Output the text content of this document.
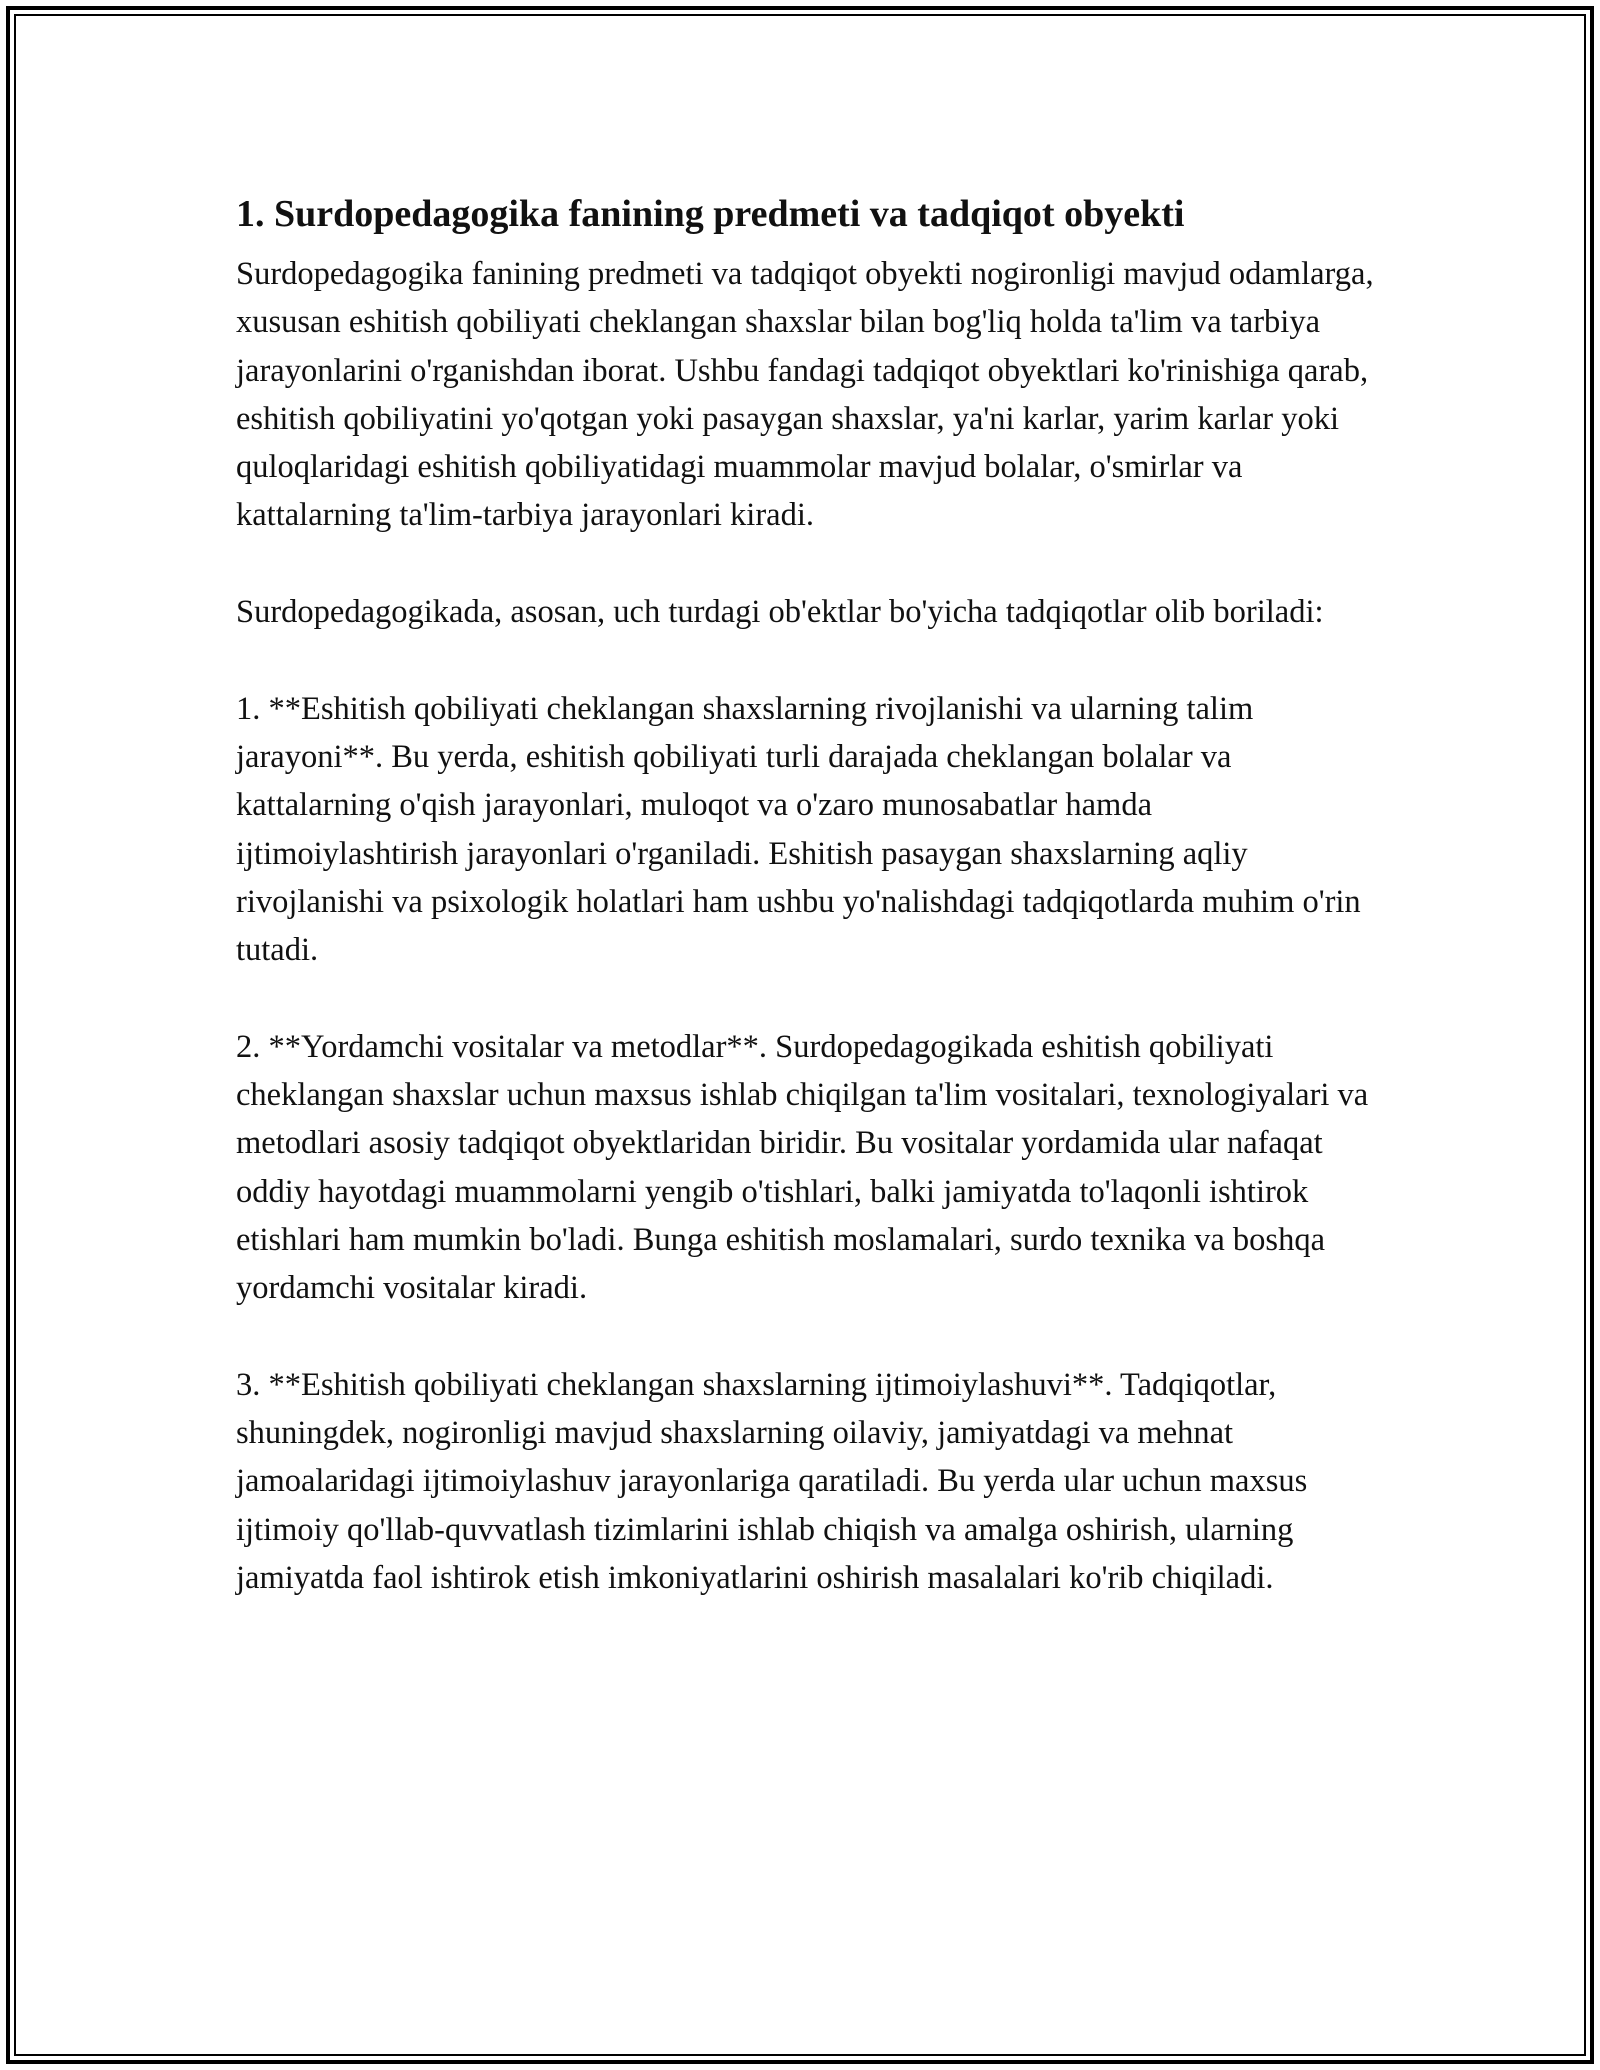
1. Surdopedagogika fanining predmeti va tadqiqot obyekti

Surdopedagogika fanining predmeti va tadqiqot obyekti nogironligi mavjud odamlarga, xususan eshitish qobiliyati cheklangan shaxslar bilan bog'liq holda ta'lim va tarbiya jarayonlarini o'rganishdan iborat. Ushbu fandagi tadqiqot obyektlari ko'rinishiga qarab, eshitish qobiliyatini yo'qotgan yoki pasaygan shaxslar, ya'ni karlar, yarim karlar yoki quloqlaridagi eshitish qobiliyatidagi muammolar mavjud bolalar, o'smirlar va kattalarning ta'lim-tarbiya jarayonlari kiradi.

Surdopedagogikada, asosan, uch turdagi ob'ektlar bo'yicha tadqiqotlar olib boriladi:

1. **Eshitish qobiliyati cheklangan shaxslarning rivojlanishi va ularning talim jarayoni**. Bu yerda, eshitish qobiliyati turli darajada cheklangan bolalar va kattalarning o'qish jarayonlari, muloqot va o'zaro munosabatlar hamda ijtimoiylashtirish jarayonlari o'rganiladi. Eshitish pasaygan shaxslarning aqliy rivojlanishi va psixologik holatlari ham ushbu yo'nalishdagi tadqiqotlarda muhim o'rin tutadi.

2. **Yordamchi vositalar va metodlar**. Surdopedagogikada eshitish qobiliyati cheklangan shaxslar uchun maxsus ishlab chiqilgan ta'lim vositalari, texnologiyalari va metodlari asosiy tadqiqot obyektlaridan biridir. Bu vositalar yordamida ular nafaqat oddiy hayotdagi muammolarni yengib o'tishlari, balki jamiyatda to'laqonli ishtirok etishlari ham mumkin bo'ladi. Bunga eshitish moslamalari, surdo texnika va boshqa yordamchi vositalar kiradi.

3. **Eshitish qobiliyati cheklangan shaxslarning ijtimoiylashuvi**. Tadqiqotlar, shuningdek, nogironligi mavjud shaxslarning oilaviy, jamiyatdagi va mehnat jamoalaridagi ijtimoiylashuv jarayonlariga qaratiladi. Bu yerda ular uchun maxsus ijtimoiy qo'llab-quvvatlash tizimlarini ishlab chiqish va amalga oshirish, ularning jamiyatda faol ishtirok etish imkoniyatlarini oshirish masalalari ko'rib chiqiladi.
